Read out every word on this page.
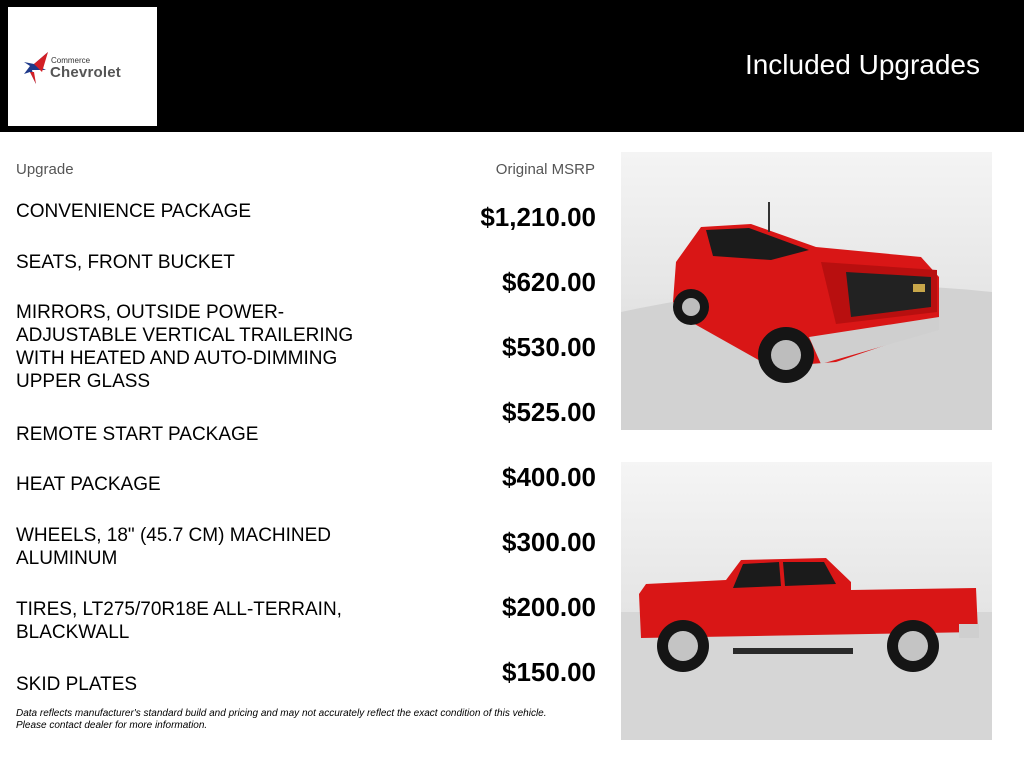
Commerce
Chevrolet	Included Upgrades
Upgrade	Original MSRP
CONVENIENCE PACKAGE
SEATS, FRONT BUCKET
MIRRORS, OUTSIDE POWER-ADJUSTABLE VERTICAL TRAILERING WITH HEATED AND AUTO-DIMMING UPPER GLASS
REMOTE START PACKAGE
HEAT PACKAGE
WHEELS, 18" (45.7 CM) MACHINED ALUMINUM
TIRES, LT275/70R18E ALL-TERRAIN, BLACKWALL
SKID PLATES
$1,210.00
$620.00
$530.00
$525.00
$400.00
$300.00
$200.00
$150.00
Data reflects manufacturer's standard build and pricing and may not accurately reflect the exact condition of this vehicle.
Please contact dealer for more information.
